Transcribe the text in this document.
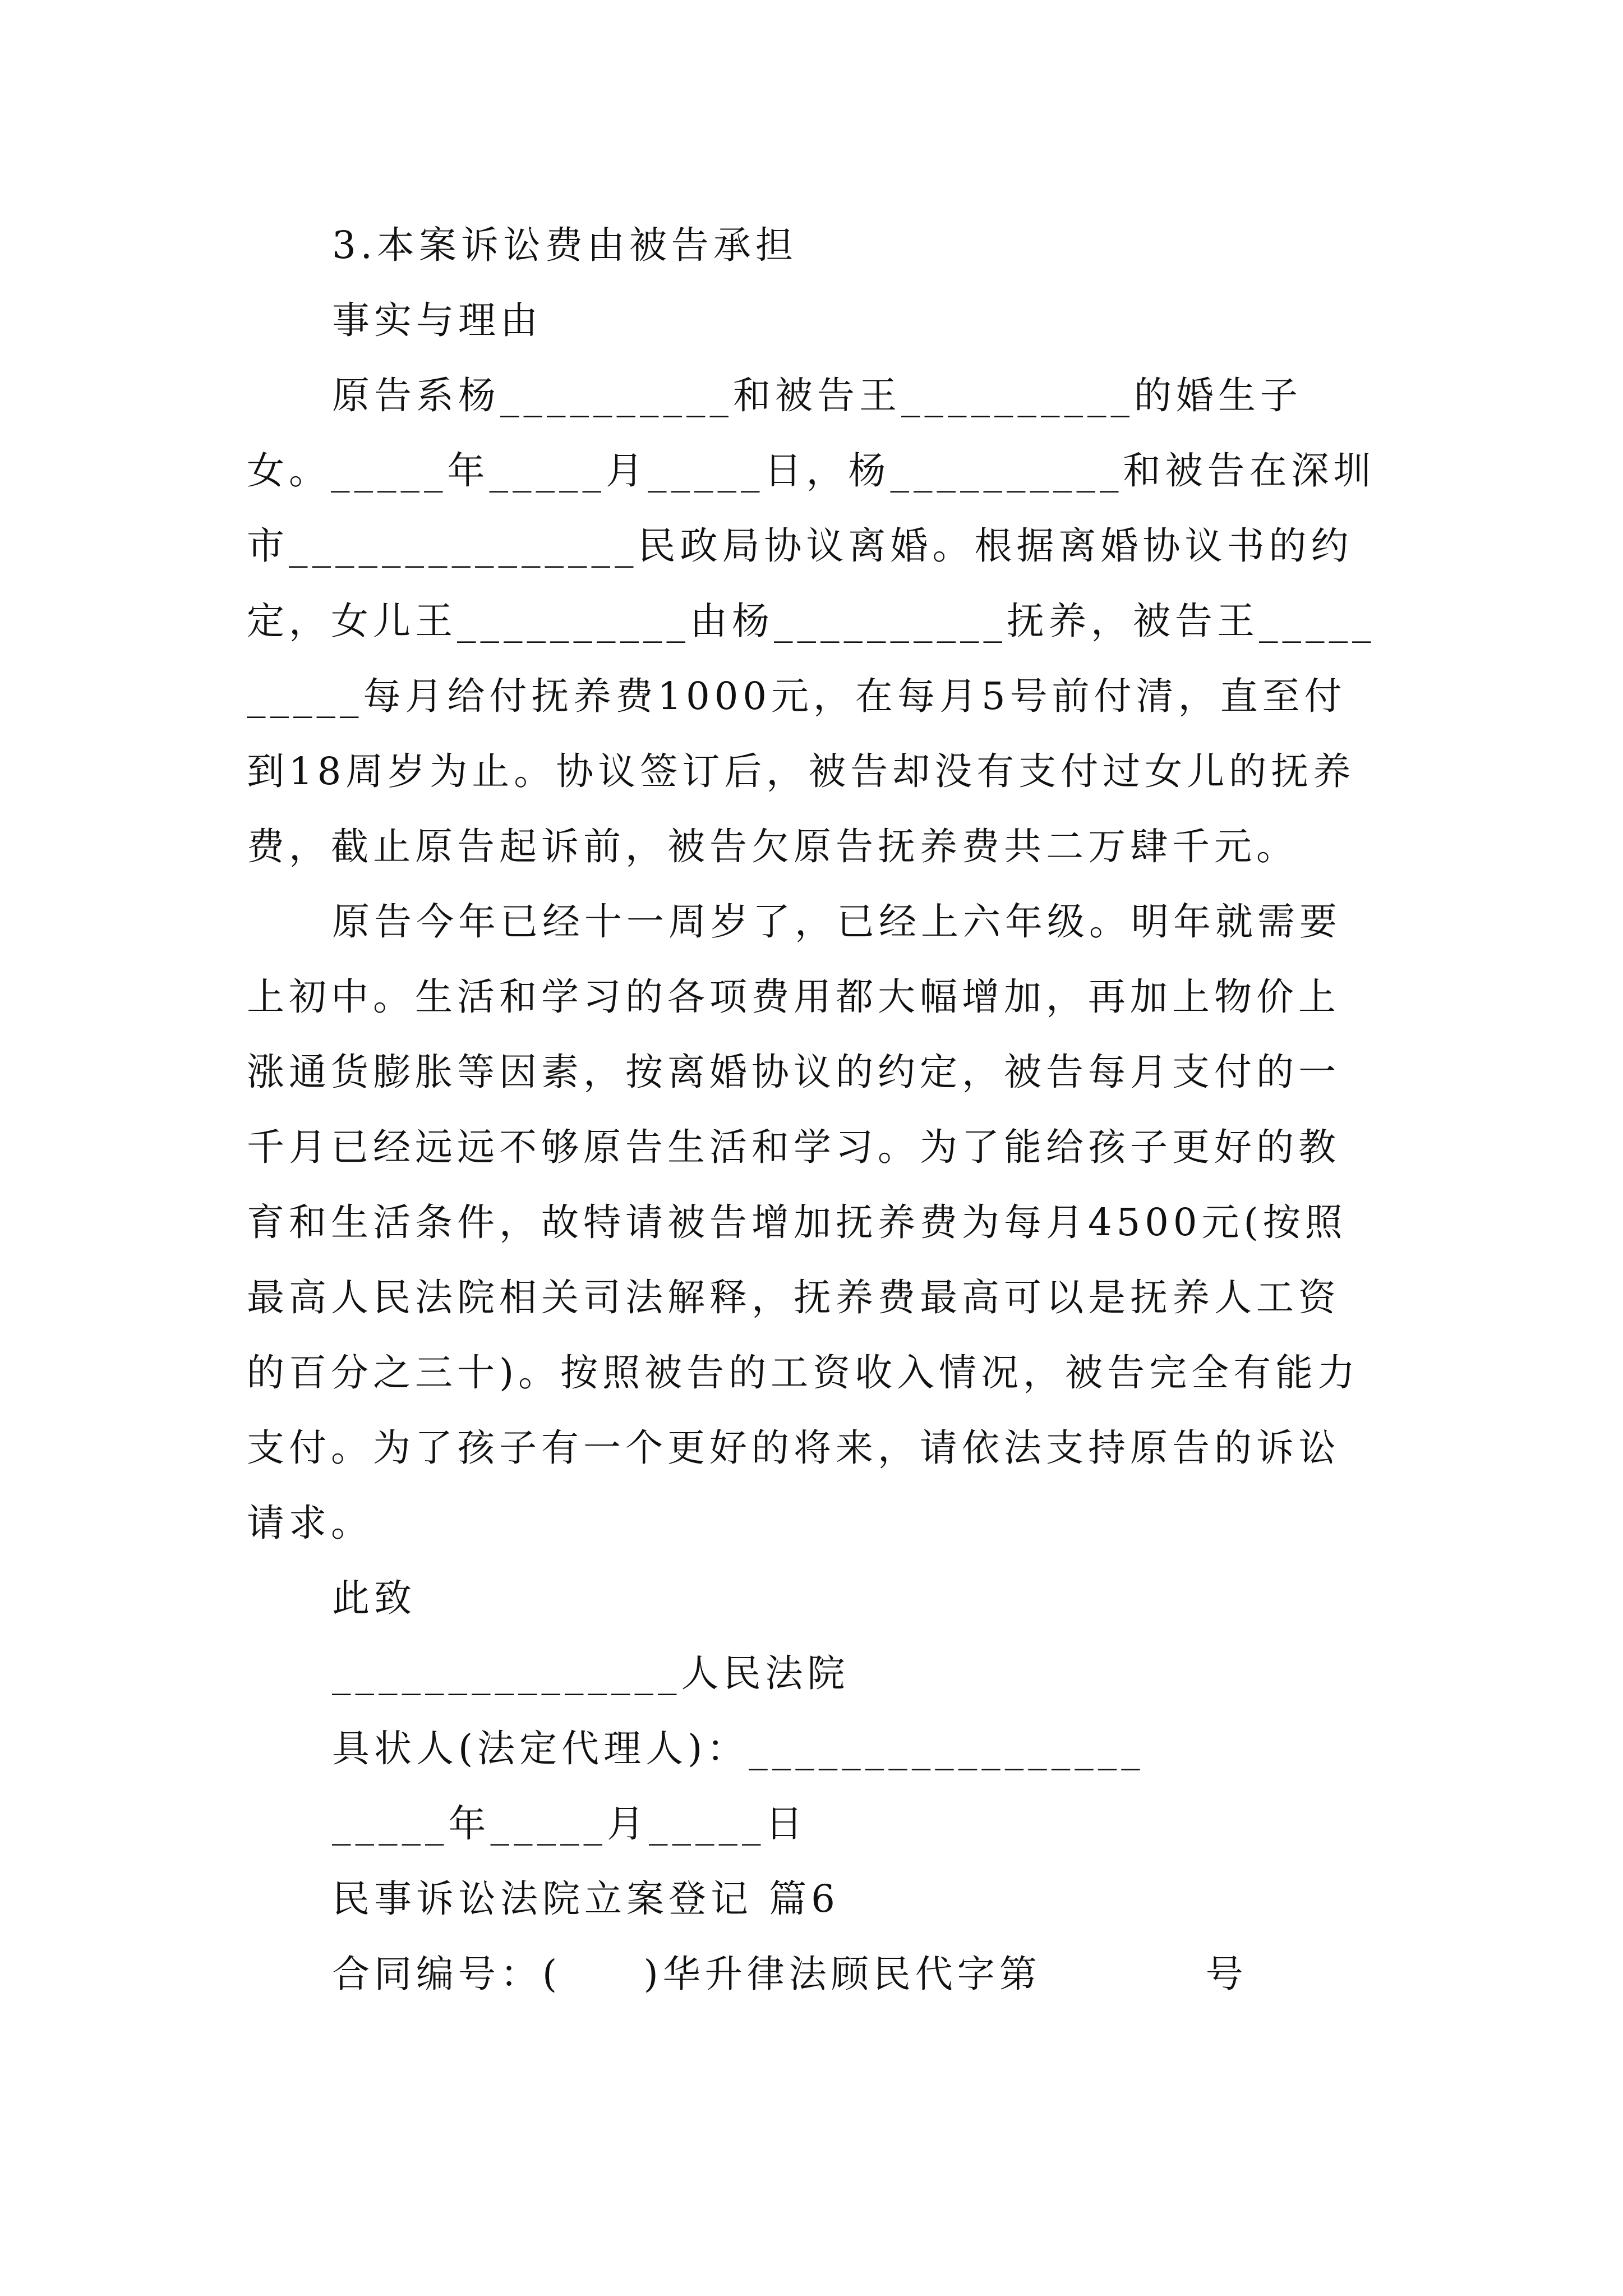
3.本案诉讼费由被告承担

事实与理由

原告系杨__________和被告王__________的婚生子女。_____年_____月_____日，杨__________和被告在深圳市_______________民政局协议离婚。根据离婚协议书的约定，女儿王__________由杨__________抚养，被告王__________每月给付抚养费1000元，在每月5号前付清，直至付到18周岁为止。协议签订后，被告却没有支付过女儿的抚养费，截止原告起诉前，被告欠原告抚养费共二万肆千元。

原告今年已经十一周岁了，已经上六年级。明年就需要上初中。生活和学习的各项费用都大幅增加，再加上物价上涨通货膨胀等因素，按离婚协议的约定，被告每月支付的一千月已经远远不够原告生活和学习。为了能给孩子更好的教育和生活条件，故特请被告增加抚养费为每月4500元(按照最高人民法院相关司法解释，抚养费最高可以是抚养人工资的百分之三十)。按照被告的工资收入情况，被告完全有能力支付。为了孩子有一个更好的将来，请依法支持原告的诉讼请求。

此致

_______________人民法院

具状人(法定代理人)：_________________

_____年_____月_____日

民事诉讼法院立案登记 篇6

合同编号：(     )华升律法顾民代字第          号
